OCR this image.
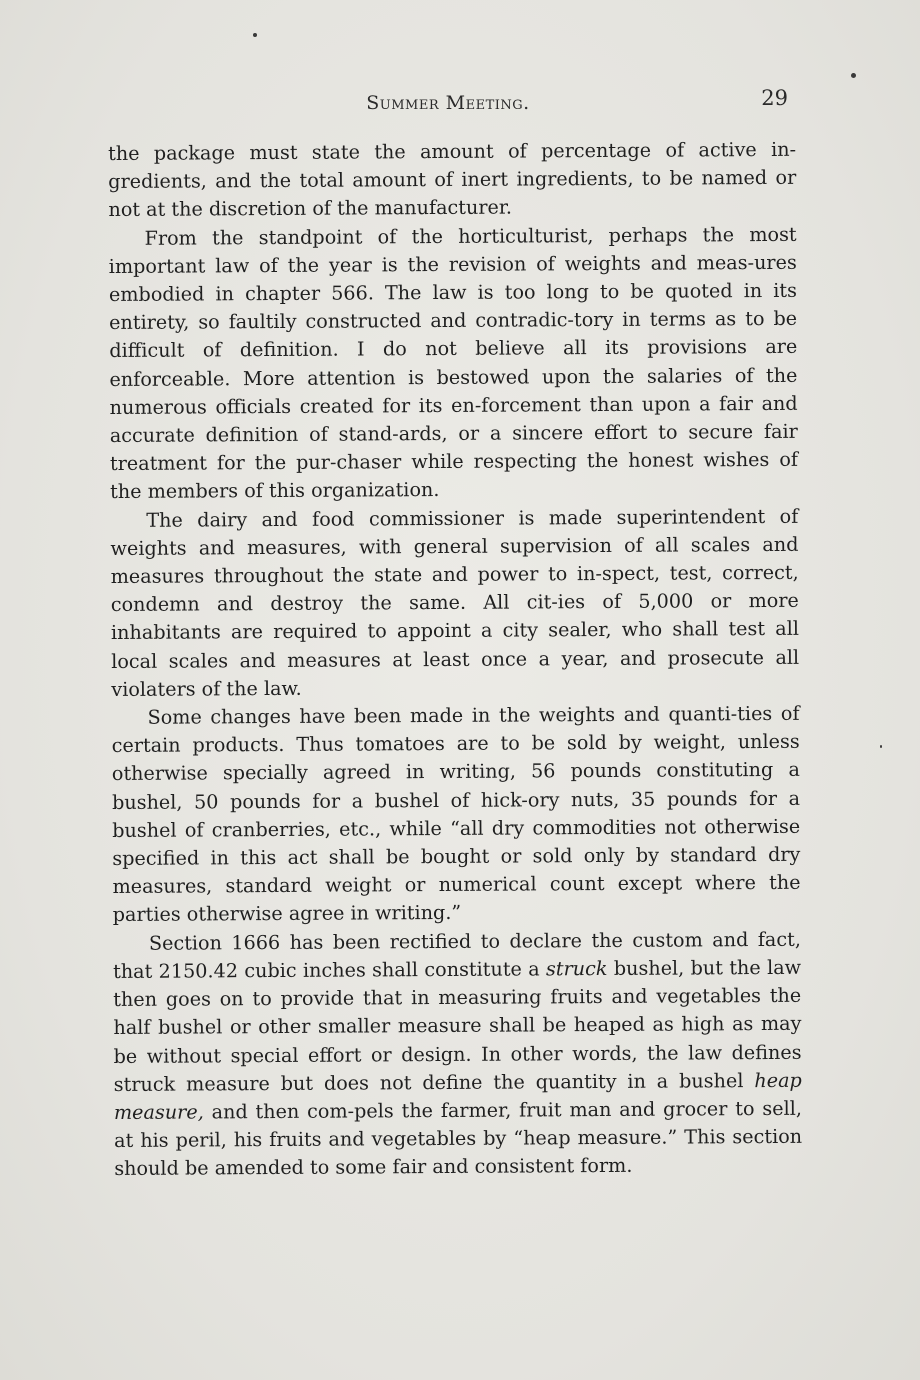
Summer Meeting.	29

the package must state the amount of percentage of active in-gredients, and the total amount of inert ingredients, to be named or not at the discretion of the manufacturer.

From the standpoint of the horticulturist, perhaps the most important law of the year is the revision of weights and meas-ures embodied in chapter 566. The law is too long to be quoted in its entirety, so faultily constructed and contradic-tory in terms as to be difficult of definition. I do not believe all its provisions are enforceable. More attention is bestowed upon the salaries of the numerous officials created for its en-forcement than upon a fair and accurate definition of stand-ards, or a sincere effort to secure fair treatment for the pur-chaser while respecting the honest wishes of the members of this organization.

The dairy and food commissioner is made superintendent of weights and measures, with general supervision of all scales and measures throughout the state and power to in-spect, test, correct, condemn and destroy the same. All cit-ies of 5,000 or more inhabitants are required to appoint a city sealer, who shall test all local scales and measures at least once a year, and prosecute all violaters of the law.

Some changes have been made in the weights and quanti-ties of certain products. Thus tomatoes are to be sold by weight, unless otherwise specially agreed in writing, 56 pounds constituting a bushel, 50 pounds for a bushel of hick-ory nuts, 35 pounds for a bushel of cranberries, etc., while “all dry commodities not otherwise specified in this act shall be bought or sold only by standard dry measures, standard weight or numerical count except where the parties otherwise agree in writing.”

Section 1666 has been rectified to declare the custom and fact, that 2150.42 cubic inches shall constitute a struck bushel, but the law then goes on to provide that in measuring fruits and vegetables the half bushel or other smaller measure shall be heaped as high as may be without special effort or design. In other words, the law defines struck measure but does not define the quantity in a bushel heap measure, and then com-pels the farmer, fruit man and grocer to sell, at his peril, his fruits and vegetables by “heap measure.” This section should be amended to some fair and consistent form.
